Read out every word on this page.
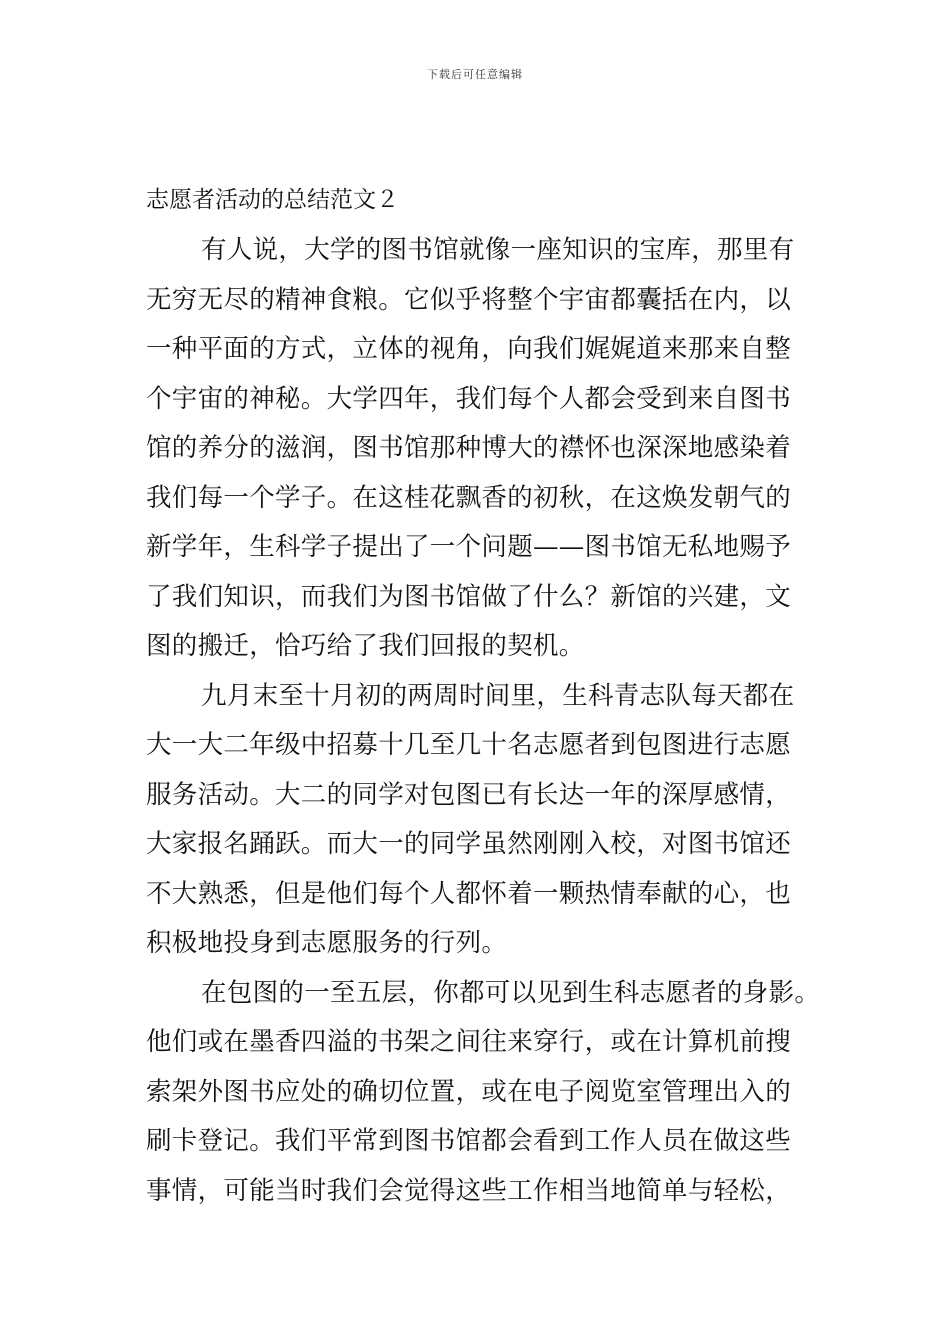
下载后可任意编辑
志愿者活动的总结范文２
有人说，大学的图书馆就像一座知识的宝库，那里有
无穷无尽的精神食粮。它似乎将整个宇宙都囊括在内，以
一种平面的方式，立体的视角，向我们娓娓道来那来自整
个宇宙的神秘。大学四年，我们每个人都会受到来自图书
馆的养分的滋润，图书馆那种博大的襟怀也深深地感染着
我们每一个学子。在这桂花飘香的初秋，在这焕发朝气的
新学年，生科学子提出了一个问题——图书馆无私地赐予
了我们知识，而我们为图书馆做了什么？新馆的兴建，文
图的搬迁，恰巧给了我们回报的契机。
九月末至十月初的两周时间里，生科青志队每天都在
大一大二年级中招募十几至几十名志愿者到包图进行志愿
服务活动。大二的同学对包图已有长达一年的深厚感情，
大家报名踊跃。而大一的同学虽然刚刚入校，对图书馆还
不大熟悉，但是他们每个人都怀着一颗热情奉献的心，也
积极地投身到志愿服务的行列。
在包图的一至五层，你都可以见到生科志愿者的身影。
他们或在墨香四溢的书架之间往来穿行，或在计算机前搜
索架外图书应处的确切位置，或在电子阅览室管理出入的
刷卡登记。我们平常到图书馆都会看到工作人员在做这些
事情，可能当时我们会觉得这些工作相当地简单与轻松，
